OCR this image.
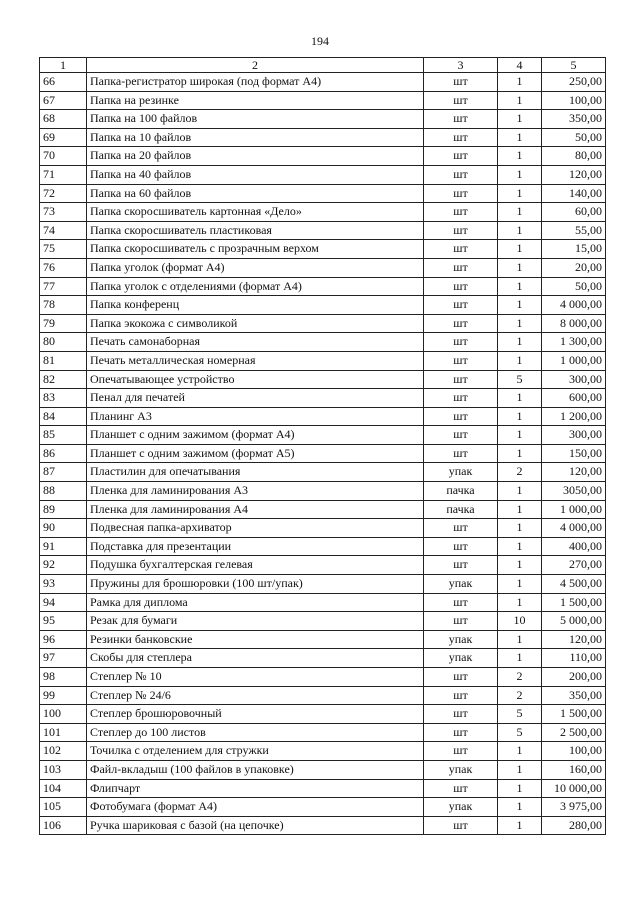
194
1	2	3	4	5
66	Папка-регистратор широкая (под формат А4)	шт	1	250,00
67	Папка на резинке	шт	1	100,00
68	Папка на 100 файлов	шт	1	350,00
69	Папка на 10 файлов	шт	1	50,00
70	Папка на 20 файлов	шт	1	80,00
71	Папка на 40 файлов	шт	1	120,00
72	Папка на 60 файлов	шт	1	140,00
73	Папка скоросшиватель картонная «Дело»	шт	1	60,00
74	Папка скоросшиватель пластиковая	шт	1	55,00
75	Папка скоросшиватель с прозрачным верхом	шт	1	15,00
76	Папка уголок (формат А4)	шт	1	20,00
77	Папка уголок с отделениями (формат А4)	шт	1	50,00
78	Папка конференц	шт	1	4 000,00
79	Папка экокожа с символикой	шт	1	8 000,00
80	Печать самонаборная	шт	1	1 300,00
81	Печать металлическая номерная	шт	1	1 000,00
82	Опечатывающее устройство	шт	5	300,00
83	Пенал для печатей	шт	1	600,00
84	Планинг А3	шт	1	1 200,00
85	Планшет с одним зажимом (формат А4)	шт	1	300,00
86	Планшет с одним зажимом (формат А5)	шт	1	150,00
87	Пластилин для опечатывания	упак	2	120,00
88	Пленка для ламинирования А3	пачка	1	3050,00
89	Пленка для ламинирования А4	пачка	1	1 000,00
90	Подвесная папка-архиватор	шт	1	4 000,00
91	Подставка для презентации	шт	1	400,00
92	Подушка бухгалтерская гелевая	шт	1	270,00
93	Пружины для брошюровки (100 шт/упак)	упак	1	4 500,00
94	Рамка для диплома	шт	1	1 500,00
95	Резак для бумаги	шт	10	5 000,00
96	Резинки банковские	упак	1	120,00
97	Скобы для степлера	упак	1	110,00
98	Степлер № 10	шт	2	200,00
99	Степлер № 24/6	шт	2	350,00
100	Степлер брошюровочный	шт	5	1 500,00
101	Степлер до 100 листов	шт	5	2 500,00
102	Точилка с отделением для стружки	шт	1	100,00
103	Файл-вкладыш (100 файлов в упаковке)	упак	1	160,00
104	Флипчарт	шт	1	10 000,00
105	Фотобумага (формат А4)	упак	1	3 975,00
106	Ручка шариковая с базой (на цепочке)	шт	1	280,00
